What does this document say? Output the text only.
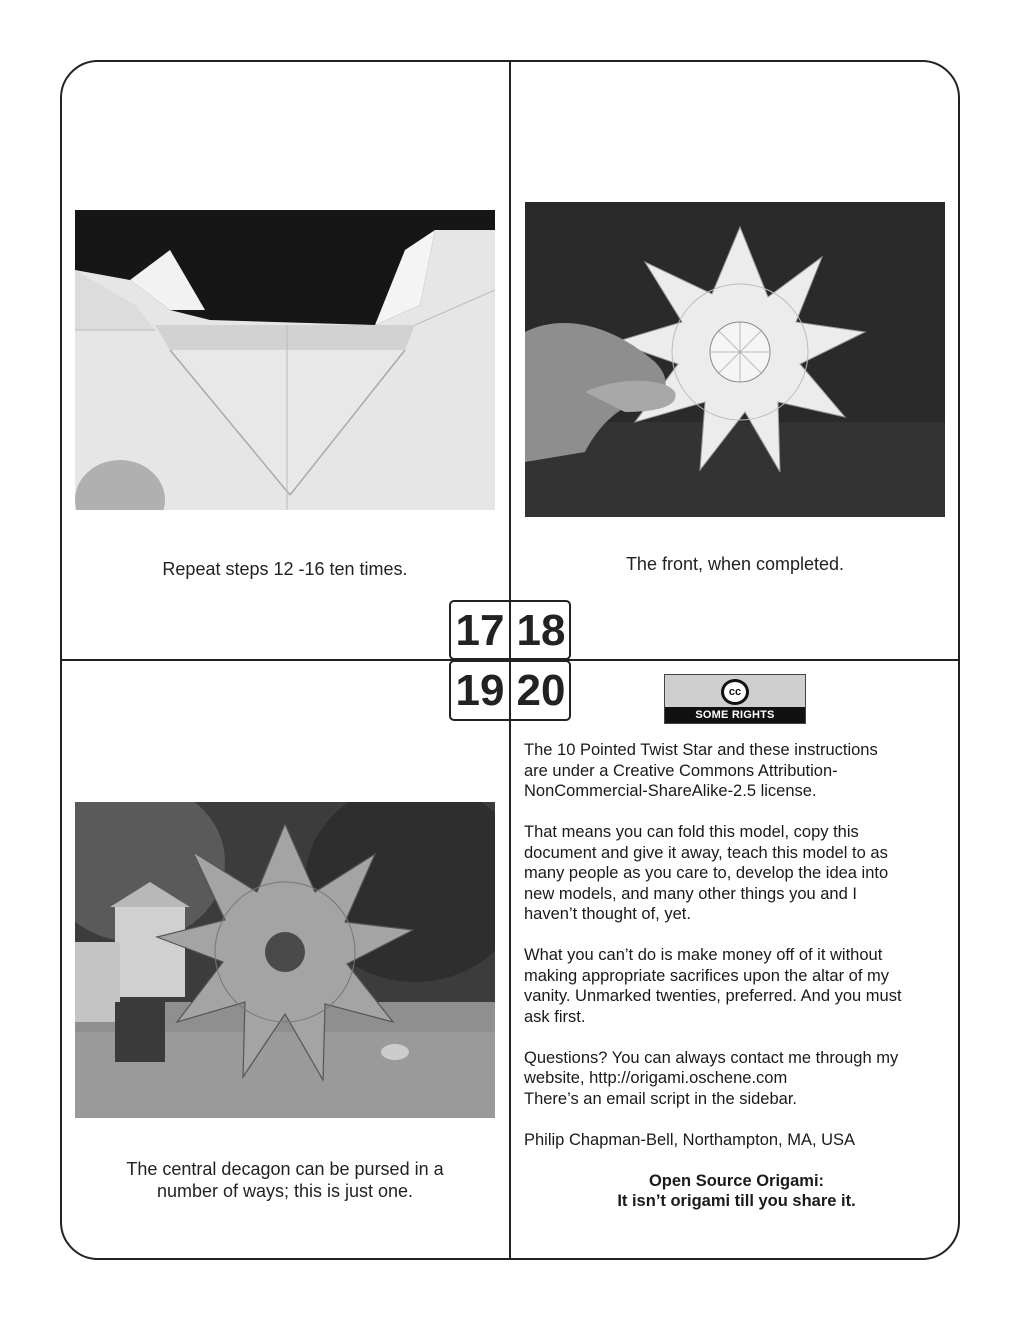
Repeat steps 12 -16 ten times.	The front, when completed.
The central decagon can be pursed in a
number of ways; this is just one.
17 18
19 20	cc
SOME RIGHTS RESERVED

The 10 Pointed Twist Star and these instructions
are under a Creative Commons Attribution-
NonCommercial-ShareAlike-2.5 license.

That means you can fold this model, copy this
document and give it away, teach this model to as
many people as you care to, develop the idea into
new models, and many other things you and I
haven’t thought of, yet.

What you can’t do is make money off of it without
making appropriate sacrifices upon the altar of my
vanity. Unmarked twenties, preferred. And you must
ask first.

Questions? You can always contact me through my
website, http://origami.oschene.com
There’s an email script in the sidebar.

Philip Chapman-Bell, Northampton, MA, USA

Open Source Origami:

It isn’t origami till you share it.
